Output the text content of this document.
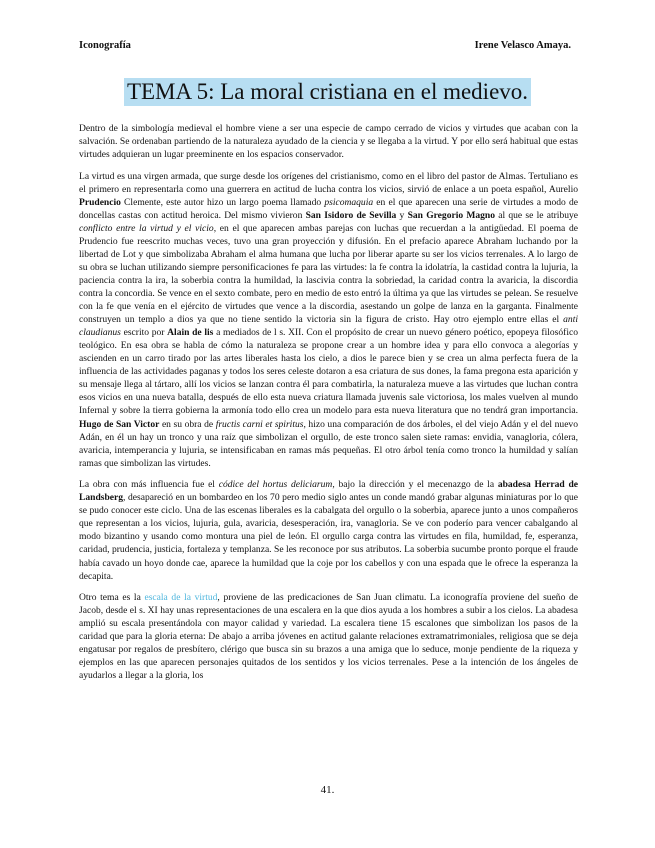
Iconografía	Irene Velasco Amaya.
TEMA 5: La moral cristiana en el medievo.

Dentro de la simbología medieval el hombre viene a ser una especie de campo cerrado de vicios y virtudes que acaban con la salvación. Se ordenaban partiendo de la naturaleza ayudado de la ciencia y se llegaba a la virtud. Y por ello será habitual que estas virtudes adquieran un lugar preeminente en los espacios conservador.

La virtud es una virgen armada, que surge desde los orígenes del cristianismo, como en el libro del pastor de Almas. Tertuliano es el primero en representarla como una guerrera en actitud de lucha contra los vicios, sirvió de enlace a un poeta español, Aurelio Prudencio Clemente, este autor hizo un largo poema llamado psicomaquia en el que aparecen una serie de virtudes a modo de doncellas castas con actitud heroica. Del mismo vivieron San Isidoro de Sevilla y San Gregorio Magno al que se le atribuye conflicto entre la virtud y el vicio, en el que aparecen ambas parejas con luchas que recuerdan a la antigüedad. El poema de Prudencio fue reescrito muchas veces, tuvo una gran proyección y difusión. En el prefacio aparece Abraham luchando por la libertad de Lot y que simbolizaba Abraham el alma humana que lucha por liberar aparte su ser los vicios terrenales. A lo largo de su obra se luchan utilizando siempre personificaciones fe para las virtudes: la fe contra la idolatría, la castidad contra la lujuria, la paciencia contra la ira, la soberbia contra la humildad, la lascivia contra la sobriedad, la caridad contra la avaricia, la discordia contra la concordia. Se vence en el sexto combate, pero en medio de esto entró la última ya que las virtudes se pelean. Se resuelve con la fe que venía en el ejército de virtudes que vence a la discordia, asestando un golpe de lanza en la garganta. Finalmente construyen un templo a dios ya que no tiene sentido la victoria sin la figura de cristo. Hay otro ejemplo entre ellas el anti claudianus escrito por Alain de lis a mediados de l s. XII. Con el propósito de crear un nuevo género poético, epopeya filosófico teológico. En esa obra se habla de cómo la naturaleza se propone crear a un hombre idea y para ello convoca a alegorías y ascienden en un carro tirado por las artes liberales hasta los cielo, a dios le parece bien y se crea un alma perfecta fuera de la influencia de las actividades paganas y todos los seres celeste dotaron a esa criatura de sus dones, la fama pregona esta aparición y su mensaje llega al tártaro, allí los vicios se lanzan contra él para combatirla, la naturaleza mueve a las virtudes que luchan contra esos vicios en una nueva batalla, después de ello esta nueva criatura llamada juvenis sale victoriosa, los males vuelven al mundo Infernal y sobre la tierra gobierna la armonía todo ello crea un modelo para esta nueva literatura que no tendrá gran importancia. Hugo de San Victor en su obra de fructis carni et spiritus, hizo una comparación de dos árboles, el del viejo Adán y el del nuevo Adán, en él un hay un tronco y una raíz que simbolizan el orgullo, de este tronco salen siete ramas: envidia, vanagloria, cólera, avaricia, intemperancia y lujuria, se intensificaban en ramas más pequeñas. El otro árbol tenía como tronco la humildad y salían ramas que simbolizan las virtudes.

La obra con más influencia fue el códice del hortus deliciarum, bajo la dirección y el mecenazgo de la abadesa Herrad de Landsberg, desapareció en un bombardeo en los 70 pero medio siglo antes un conde mandó grabar algunas miniaturas por lo que se pudo conocer este ciclo. Una de las escenas liberales es la cabalgata del orgullo o la soberbia, aparece junto a unos compañeros que representan a los vicios, lujuria, gula, avaricia, desesperación, ira, vanagloria. Se ve con poderío para vencer cabalgando al modo bizantino y usando como montura una piel de león. El orgullo carga contra las virtudes en fila, humildad, fe, esperanza, caridad, prudencia, justicia, fortaleza y templanza. Se les reconoce por sus atributos. La soberbia sucumbe pronto porque el fraude había cavado un hoyo donde cae, aparece la humildad que la coje por los cabellos y con una espada que le ofrece la esperanza la decapita.

Otro tema es la escala de la virtud, proviene de las predicaciones de San Juan climatu. La iconografía proviene del sueño de Jacob, desde el s. XI hay unas representaciones de una escalera en la que dios ayuda a los hombres a subir a los cielos. La abadesa amplió su escala presentándola con mayor calidad y variedad. La escalera tiene 15 escalones que simbolizan los pasos de la caridad que para la gloria eterna: De abajo a arriba jóvenes en actitud galante relaciones extramatrimoniales, religiosa que se deja engatusar por regalos de presbítero, clérigo que busca sin su brazos a una amiga que lo seduce, monje pendiente de la riqueza y ejemplos en las que aparecen personajes quitados de los sentidos y los vicios terrenales. Pese a la intención de los ángeles de ayudarlos a llegar a la gloria, los

41.
